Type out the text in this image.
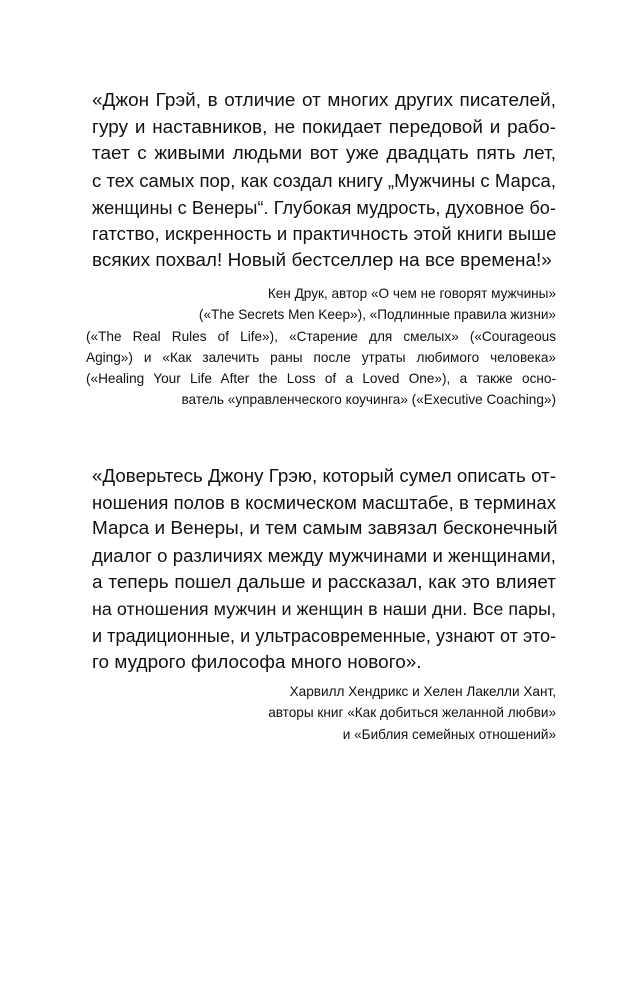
«Джон Грэй, в отличие от многих других писателей,
гуру и наставников, не покидает передовой и рабо-
тает с живыми людьми вот уже двадцать пять лет,
с тех самых пор, как создал книгу „Мужчины с Марса,
женщины с Венеры“. Глубокая мудрость, духовное бо-
гатство, искренность и практичность этой книги выше
всяких похвал! Новый бестселлер на все времена!»
Кен Друк, автор «О чем не говорят мужчины»
(«The Secrets Men Keep»), «Подлинные правила жизни»
(«The Real Rules of Life»), «Старение для смелых» («Courageous
Aging») и «Как залечить раны после утраты любимого человека»
(«Healing Your Life After the Loss of a Loved One»), а также осно-
ватель «управленческого коучинга» («Executive Coaching»)
«Доверьтесь Джону Грэю, который сумел описать от-
ношения полов в космическом масштабе, в терминах
Марса и Венеры, и тем самым завязал бесконечный
диалог о различиях между мужчинами и женщинами,
а теперь пошел дальше и рассказал, как это влияет
на отношения мужчин и женщин в наши дни. Все пары,
и традиционные, и ультрасовременные, узнают от это-
го мудрого философа много нового».
Харвилл Хендрикс и Хелен Лакелли Хант,
авторы книг «Как добиться желанной любви»
и «Библия семейных отношений»
